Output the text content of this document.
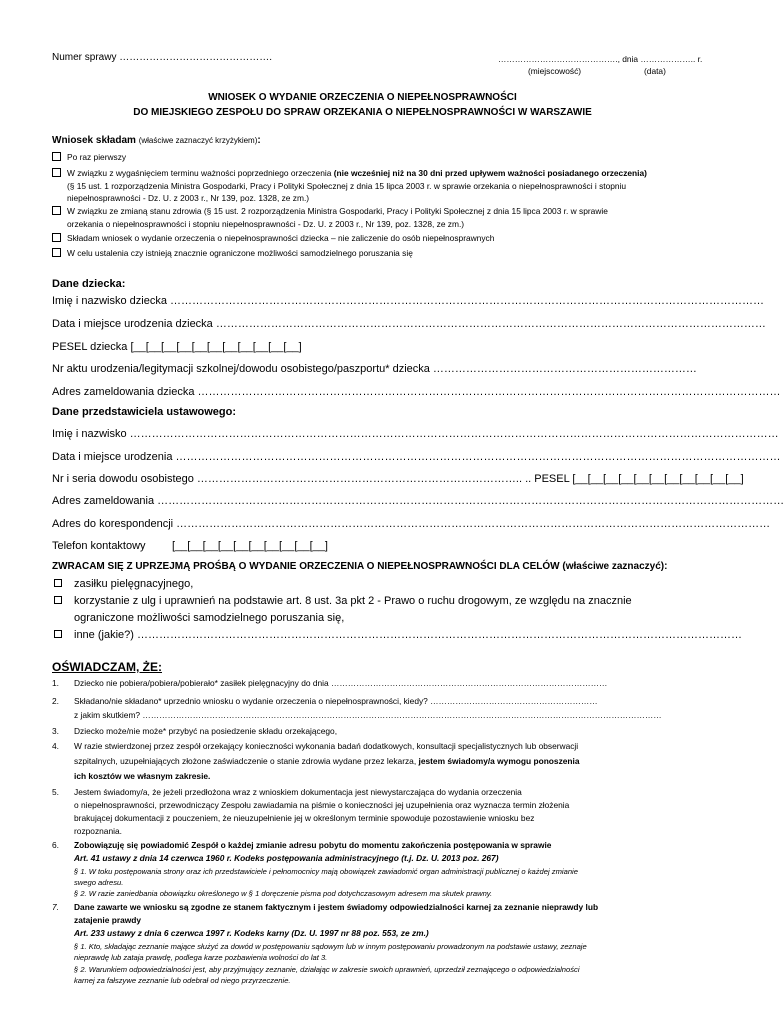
Numer sprawy ……………………………………….	……………………………………., dnia ……………….. r.
(miejscowość)	(data)
WNIOSEK O WYDANIE ORZECZENIA O NIEPEŁNOSPRAWNOŚCI
DO MIEJSKIEGO ZESPOŁU DO SPRAW ORZEKANIA O NIEPEŁNOSPRAWNOŚCI W WARSZAWIE
Wniosek składam (właściwe zaznaczyć krzyżykiem):
Po raz pierwszy
W związku z wygaśnięciem terminu ważności poprzedniego orzeczenia (nie wcześniej niż na 30 dni przed upływem ważności posiadanego orzeczenia)
(§ 15 ust. 1 rozporządzenia Ministra Gospodarki, Pracy i Polityki Społecznej z dnia 15 lipca 2003 r. w sprawie orzekania o niepełnosprawności i stopniu
niepełnosprawności - Dz. U. z 2003 r., Nr 139, poz. 1328, ze zm.)
W związku ze zmianą stanu zdrowia (§ 15 ust. 2 rozporządzenia Ministra Gospodarki, Pracy i Polityki Społecznej z dnia 15 lipca 2003 r. w sprawie
orzekania o niepełnosprawności i stopniu niepełnosprawności - Dz. U. z 2003 r., Nr 139, poz. 1328, ze zm.)
Składam wniosek o wydanie orzeczenia o niepełnosprawności dziecka – nie zaliczenie do osób niepełnosprawnych
W celu ustalenia czy istnieją znacznie ograniczone możliwości samodzielnego poruszania się
Dane dziecka:
Imię i nazwisko dziecka ………………………………………………………………………………………………………………………………………………
Data i miejsce urodzenia dziecka ……………………………………………………………………………………………………………………………………
PESEL dziecka [__[__[__[__[__[__[__[__[__[__[__]
Nr aktu urodzenia/legitymacji szkolnej/dowodu osobistego/paszportu* dziecka ………………………………………………………………
Adres zameldowania dziecka ……………………………………………………………………………………………………………………………………………
Dane przedstawiciela ustawowego:
Imię i nazwisko ……………………………………………………………………………………………………………………………………………………………
Data i miejsce urodzenia …………………………………………………………………………………………………………………………………………………
Nr i seria dowodu osobistego …………………………………………………………………………….. .. PESEL [__[__[__[__[__[__[__[__[__[__[__]
Adres zameldowania ………………………………………………………………………………………………………………………………………………………
Adres do korespondencji ………………………………………………………………………………………………………………………………………………
Telefon kontaktowy [__[__[__[__[__[__[__[__[__[__]
ZWRACAM SIĘ Z UPRZEJMĄ PROŚBĄ O WYDANIE ORZECZENIA O NIEPEŁNOSPRAWNOŚCI DLA CELÓW (właściwe zaznaczyć):
zasiłku pielęgnacyjnego,
korzystanie z ulg i uprawnień na podstawie art. 8 ust. 3a pkt 2 - Prawo o ruchu drogowym, ze względu na znacznie
ograniczone możliwości samodzielnego poruszania się,
inne (jakie?) …………………………………………………………………………………………………………………………………………………
OŚWIADCZAM, ŻE:
1. Dziecko nie pobiera/pobiera/pobierało* zasiłek pielęgnacyjny do dnia ………………………………………………………………………………………
2. Składano/nie składano* uprzednio wniosku o wydanie orzeczenia o niepełnosprawności, kiedy? ……………………………………………………
z jakim skutkiem? ……………………………………………………………………………………………………………………………………………………………………
3. Dziecko może/nie może* przybyć na posiedzenie składu orzekającego,
4. W razie stwierdzonej przez zespół orzekający konieczności wykonania badań dodatkowych, konsultacji specjalistycznych lub obserwacji
szpitalnych, uzupełniających złożone zaświadczenie o stanie zdrowia wydane przez lekarza, jestem świadomy/a wymogu ponoszenia
ich kosztów we własnym zakresie.
5. Jestem świadomy/a, że jeżeli przedłożona wraz z wnioskiem dokumentacja jest niewystarczająca do wydania orzeczenia
o niepełnosprawności, przewodniczący Zespołu zawiadamia na piśmie o konieczności jej uzupełnienia oraz wyznacza termin złożenia
brakującej dokumentacji z pouczeniem, że nieuzupełnienie jej w określonym terminie spowoduje pozostawienie wniosku bez
rozpoznania.
6. Zobowiązuję się powiadomić Zespół o każdej zmianie adresu pobytu do momentu zakończenia postępowania w sprawie
Art. 41 ustawy z dnia 14 czerwca 1960 r. Kodeks postępowania administracyjnego (t.j. Dz. U. 2013 poz. 267)
§ 1. W toku postępowania strony oraz ich przedstawiciele i pełnomocnicy mają obowiązek zawiadomić organ administracji publicznej o każdej zmianie
swego adresu.
§ 2. W razie zaniedbania obowiązku określonego w § 1 doręczenie pisma pod dotychczasowym adresem ma skutek prawny.
7. Dane zawarte we wniosku są zgodne ze stanem faktycznym i jestem świadomy odpowiedzialności karnej za zeznanie nieprawdy lub
zatajenie prawdy
Art. 233 ustawy z dnia 6 czerwca 1997 r. Kodeks karny (Dz. U. 1997 nr 88 poz. 553, ze zm.)
§ 1. Kto, składając zeznanie mające służyć za dowód w postępowaniu sądowym lub w innym postępowaniu prowadzonym na podstawie ustawy, zeznaje
nieprawdę lub zataja prawdę, podlega karze pozbawienia wolności do lat 3.
§ 2. Warunkiem odpowiedzialności jest, aby przyjmujący zeznanie, działając w zakresie swoich uprawnień, uprzedził zeznającego o odpowiedzialności
karnej za fałszywe zeznanie lub odebrał od niego przyrzeczenie.
